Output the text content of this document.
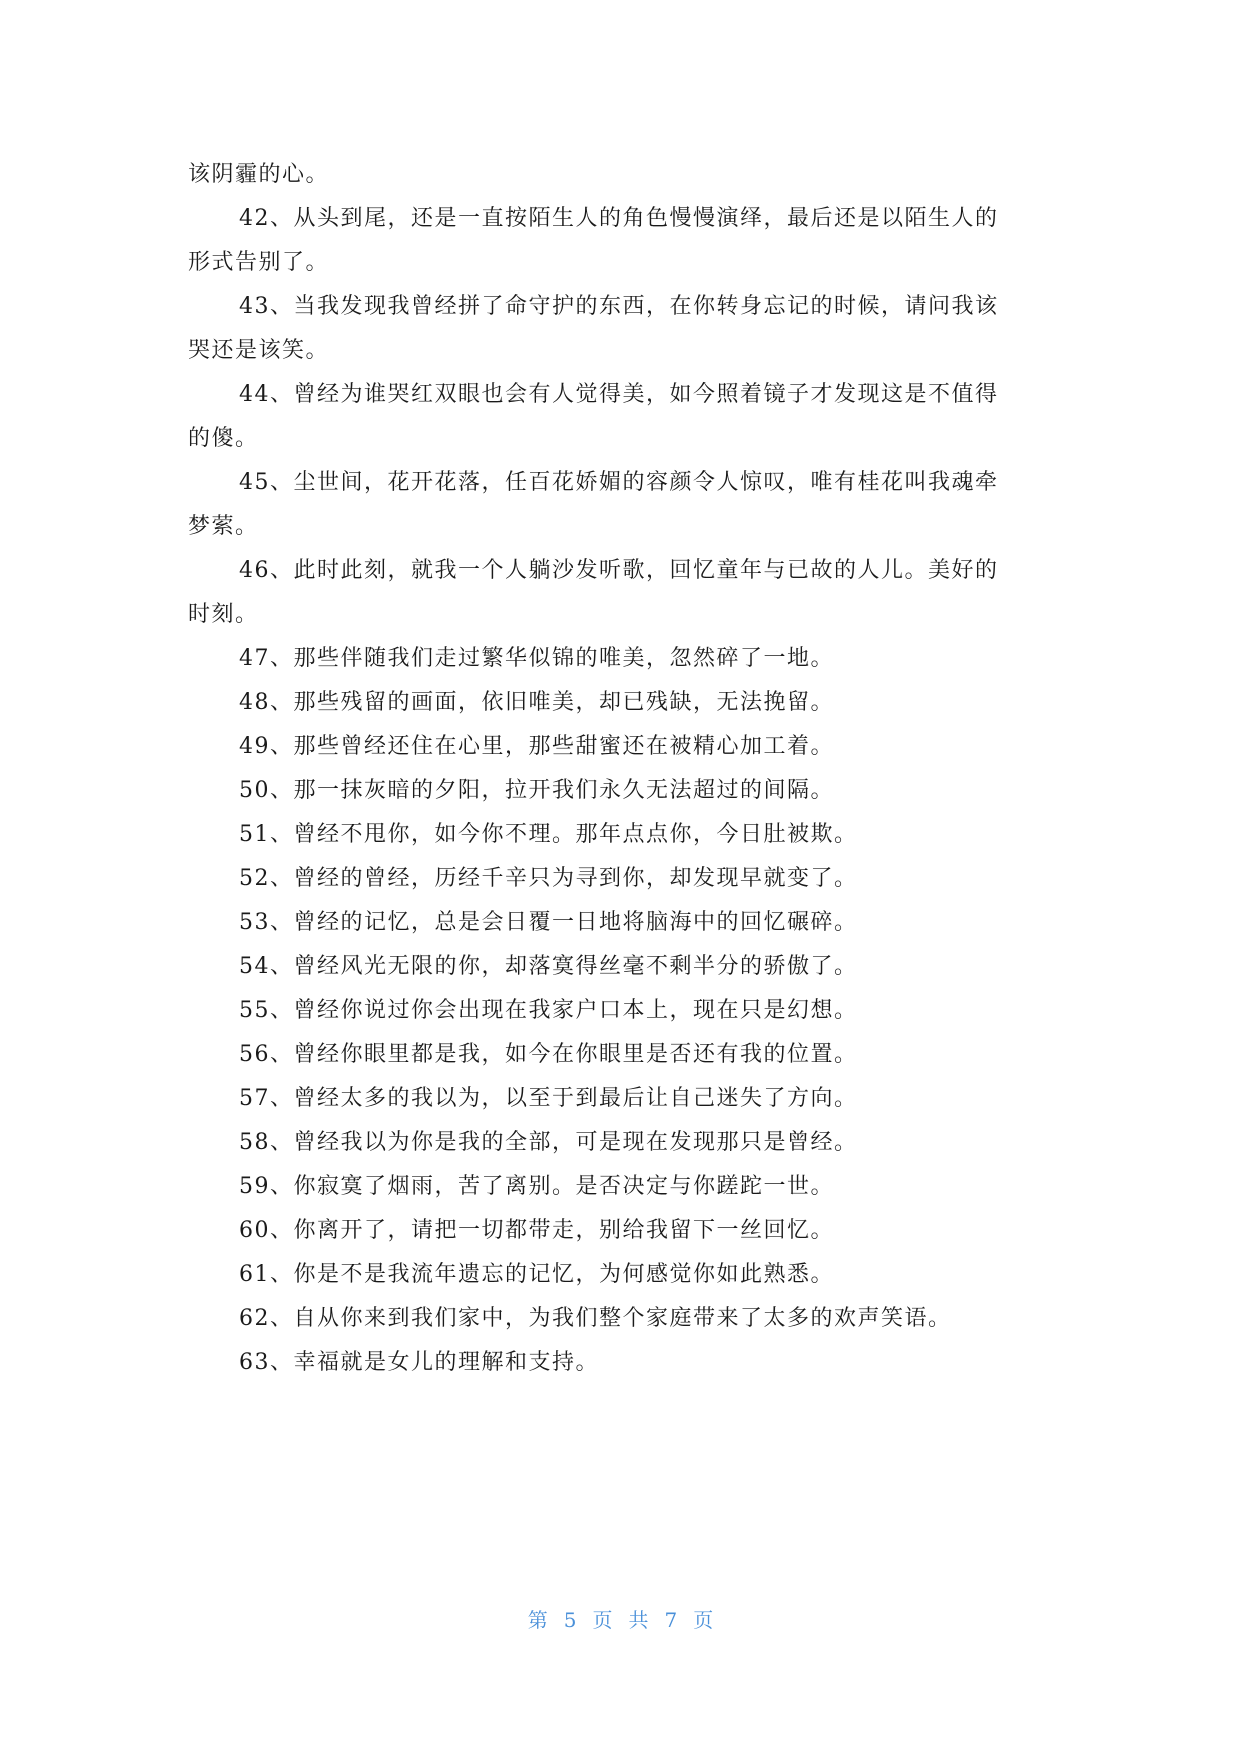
该阴霾的心。
42、从头到尾，还是一直按陌生人的角色慢慢演绎，最后还是以陌生人的
形式告别了。
43、当我发现我曾经拼了命守护的东西，在你转身忘记的时候，请问我该
哭还是该笑。
44、曾经为谁哭红双眼也会有人觉得美，如今照着镜子才发现这是不值得
的傻。
45、尘世间，花开花落，任百花娇媚的容颜令人惊叹，唯有桂花叫我魂牵
梦萦。
46、此时此刻，就我一个人躺沙发听歌，回忆童年与已故的人儿。美好的
时刻。
47、那些伴随我们走过繁华似锦的唯美，忽然碎了一地。
48、那些残留的画面，依旧唯美，却已残缺，无法挽留。
49、那些曾经还住在心里，那些甜蜜还在被精心加工着。
50、那一抹灰暗的夕阳，拉开我们永久无法超过的间隔。
51、曾经不甩你，如今你不理。那年点点你，今日肚被欺。
52、曾经的曾经，历经千辛只为寻到你，却发现早就变了。
53、曾经的记忆，总是会日覆一日地将脑海中的回忆碾碎。
54、曾经风光无限的你，却落寞得丝毫不剩半分的骄傲了。
55、曾经你说过你会出现在我家户口本上，现在只是幻想。
56、曾经你眼里都是我，如今在你眼里是否还有我的位置。
57、曾经太多的我以为，以至于到最后让自己迷失了方向。
58、曾经我以为你是我的全部，可是现在发现那只是曾经。
59、你寂寞了烟雨，苦了离别。是否决定与你蹉跎一世。
60、你离开了，请把一切都带走，别给我留下一丝回忆。
61、你是不是我流年遗忘的记忆，为何感觉你如此熟悉。
62、自从你来到我们家中，为我们整个家庭带来了太多的欢声笑语。
63、幸福就是女儿的理解和支持。
第 5 页 共 7 页
